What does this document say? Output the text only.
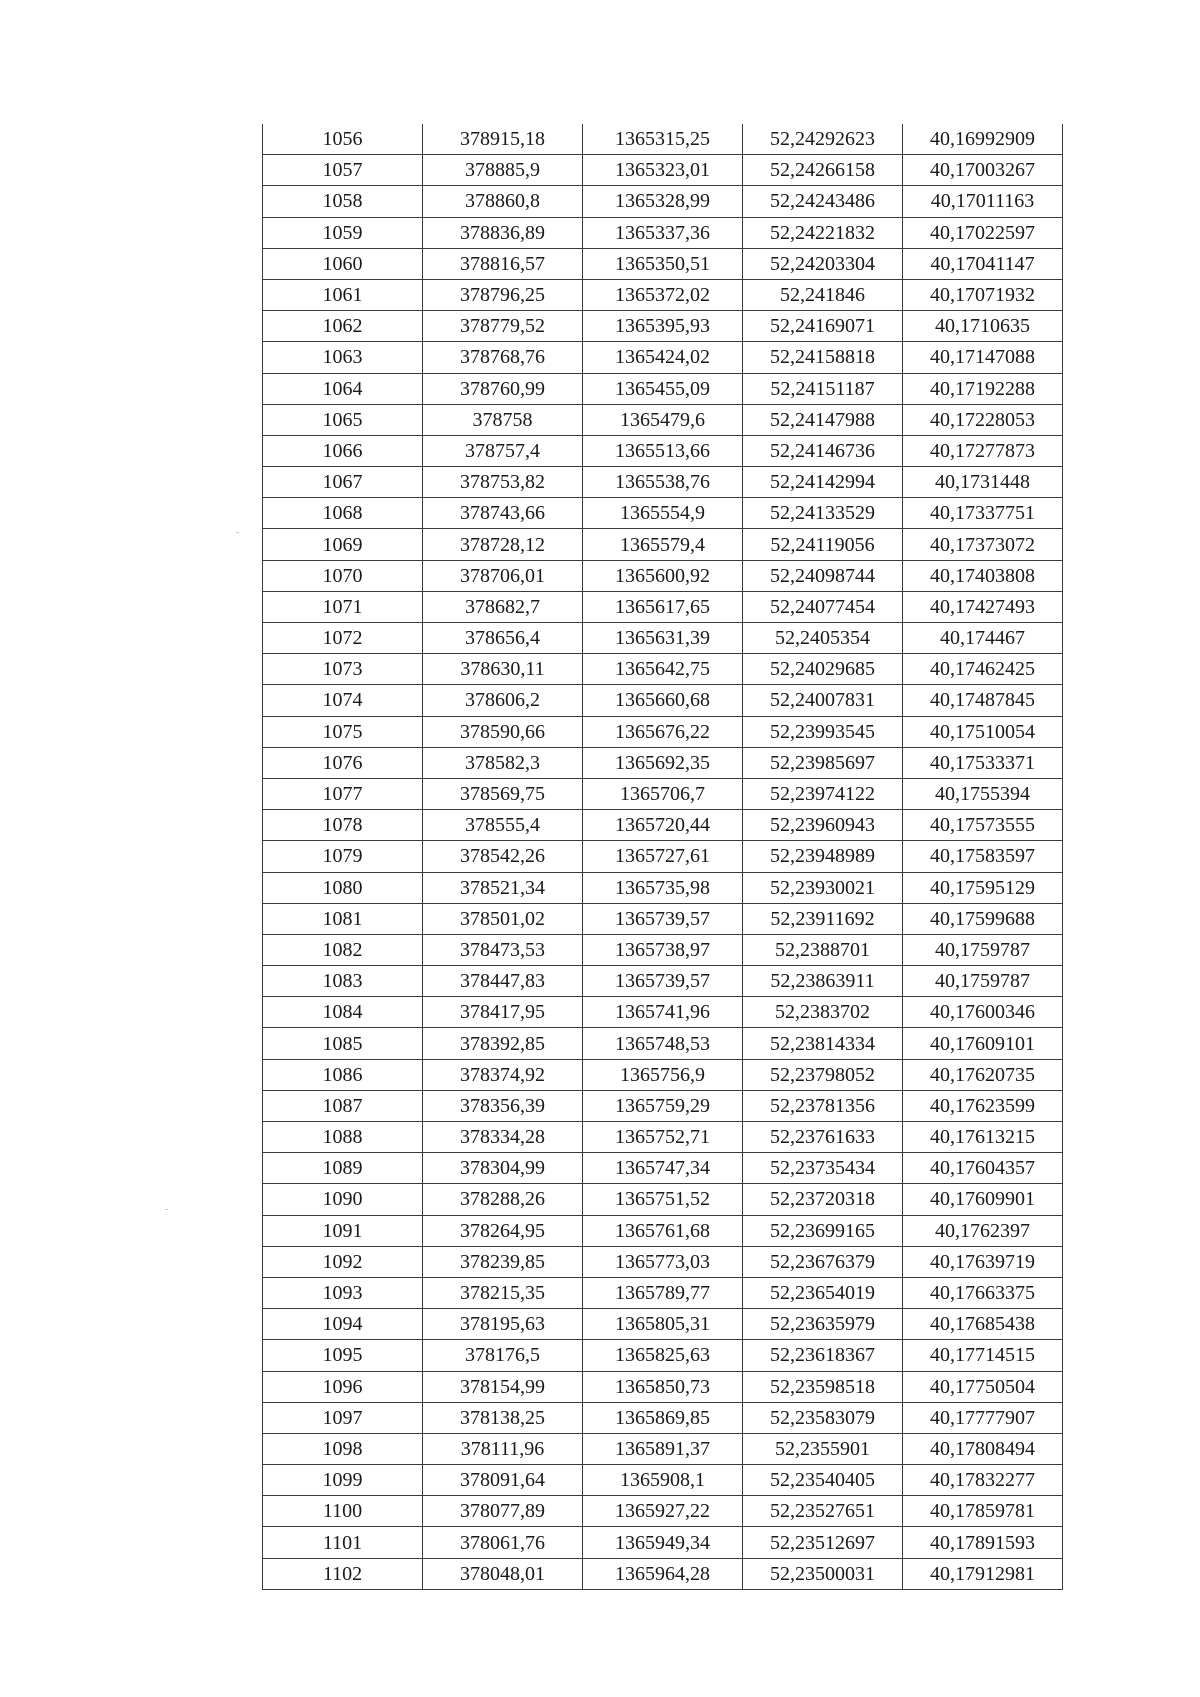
1056	378915,18	1365315,25	52,24292623	40,16992909
1057	378885,9	1365323,01	52,24266158	40,17003267
1058	378860,8	1365328,99	52,24243486	40,17011163
1059	378836,89	1365337,36	52,24221832	40,17022597
1060	378816,57	1365350,51	52,24203304	40,17041147
1061	378796,25	1365372,02	52,241846	40,17071932
1062	378779,52	1365395,93	52,24169071	40,1710635
1063	378768,76	1365424,02	52,24158818	40,17147088
1064	378760,99	1365455,09	52,24151187	40,17192288
1065	378758	1365479,6	52,24147988	40,17228053
1066	378757,4	1365513,66	52,24146736	40,17277873
1067	378753,82	1365538,76	52,24142994	40,1731448
1068	378743,66	1365554,9	52,24133529	40,17337751
1069	378728,12	1365579,4	52,24119056	40,17373072
1070	378706,01	1365600,92	52,24098744	40,17403808
1071	378682,7	1365617,65	52,24077454	40,17427493
1072	378656,4	1365631,39	52,2405354	40,174467
1073	378630,11	1365642,75	52,24029685	40,17462425
1074	378606,2	1365660,68	52,24007831	40,17487845
1075	378590,66	1365676,22	52,23993545	40,17510054
1076	378582,3	1365692,35	52,23985697	40,17533371
1077	378569,75	1365706,7	52,23974122	40,1755394
1078	378555,4	1365720,44	52,23960943	40,17573555
1079	378542,26	1365727,61	52,23948989	40,17583597
1080	378521,34	1365735,98	52,23930021	40,17595129
1081	378501,02	1365739,57	52,23911692	40,17599688
1082	378473,53	1365738,97	52,2388701	40,1759787
1083	378447,83	1365739,57	52,23863911	40,1759787
1084	378417,95	1365741,96	52,2383702	40,17600346
1085	378392,85	1365748,53	52,23814334	40,17609101
1086	378374,92	1365756,9	52,23798052	40,17620735
1087	378356,39	1365759,29	52,23781356	40,17623599
1088	378334,28	1365752,71	52,23761633	40,17613215
1089	378304,99	1365747,34	52,23735434	40,17604357
1090	378288,26	1365751,52	52,23720318	40,17609901
1091	378264,95	1365761,68	52,23699165	40,1762397
1092	378239,85	1365773,03	52,23676379	40,17639719
1093	378215,35	1365789,77	52,23654019	40,17663375
1094	378195,63	1365805,31	52,23635979	40,17685438
1095	378176,5	1365825,63	52,23618367	40,17714515
1096	378154,99	1365850,73	52,23598518	40,17750504
1097	378138,25	1365869,85	52,23583079	40,17777907
1098	378111,96	1365891,37	52,2355901	40,17808494
1099	378091,64	1365908,1	52,23540405	40,17832277
1100	378077,89	1365927,22	52,23527651	40,17859781
1101	378061,76	1365949,34	52,23512697	40,17891593
1102	378048,01	1365964,28	52,23500031	40,17912981
